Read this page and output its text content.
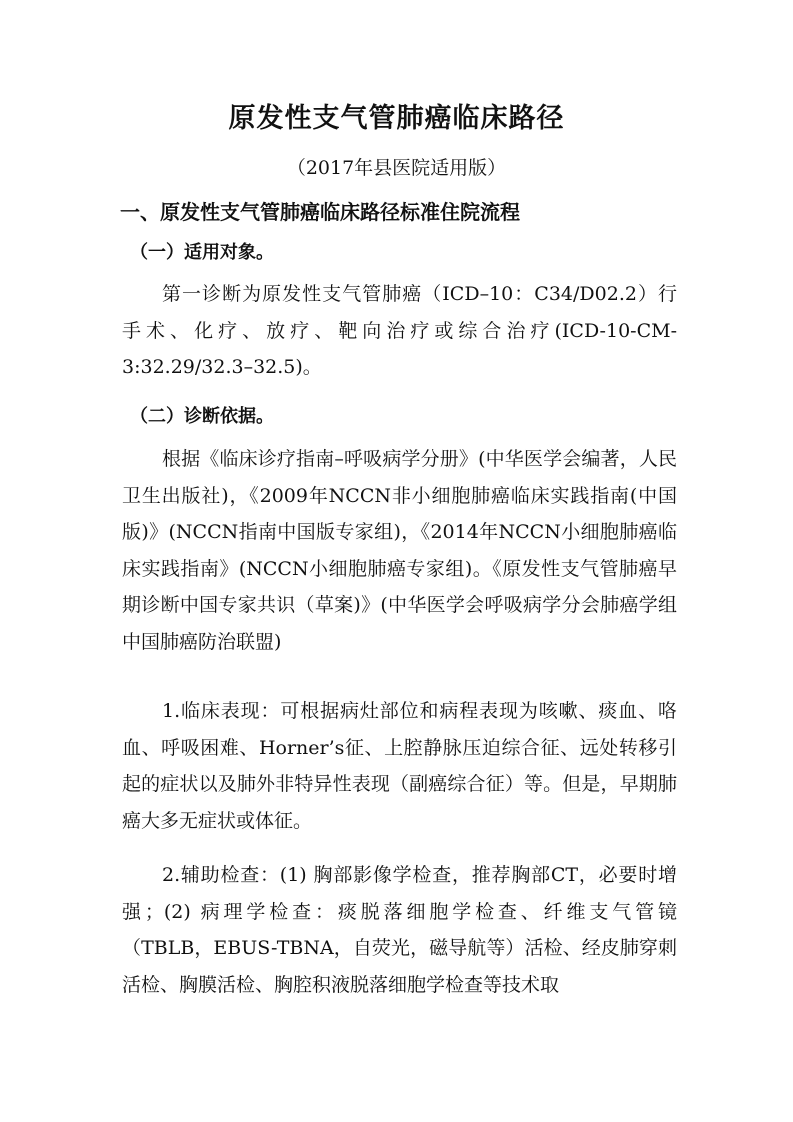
原发性支气管肺癌临床路径

（2017年县医院适用版）

一、原发性支气管肺癌临床路径标准住院流程
（一）适用对象。

第一诊断为原发性支气管肺癌（ICD–10：C34/D02.2）行手术、化疗、放疗、靶向治疗或综合治疗(ICD-10-CM-3:32.29/32.3–32.5)。

（二）诊断依据。

根据《临床诊疗指南–呼吸病学分册》(中华医学会编著，人民卫生出版社)，《2009年NCCN非小细胞肺癌临床实践指南(中国版)》(NCCN指南中国版专家组)，《2014年NCCN小细胞肺癌临床实践指南》(NCCN小细胞肺癌专家组)。《原发性支气管肺癌早期诊断中国专家共识（草案)》(中华医学会呼吸病学分会肺癌学组 中国肺癌防治联盟)

1.临床表现：可根据病灶部位和病程表现为咳嗽、痰血、咯血、呼吸困难、Horner’s征、上腔静脉压迫综合征、远处转移引起的症状以及肺外非特异性表现（副癌综合征）等。但是，早期肺癌大多无症状或体征。

2.辅助检查：(1) 胸部影像学检查，推荐胸部CT，必要时增强；(2) 病理学检查：痰脱落细胞学检查、纤维支气管镜（TBLB，EBUS-TBNA，自荧光，磁导航等）活检、经皮肺穿刺活检、胸膜活检、胸腔积液脱落细胞学检查等技术取
